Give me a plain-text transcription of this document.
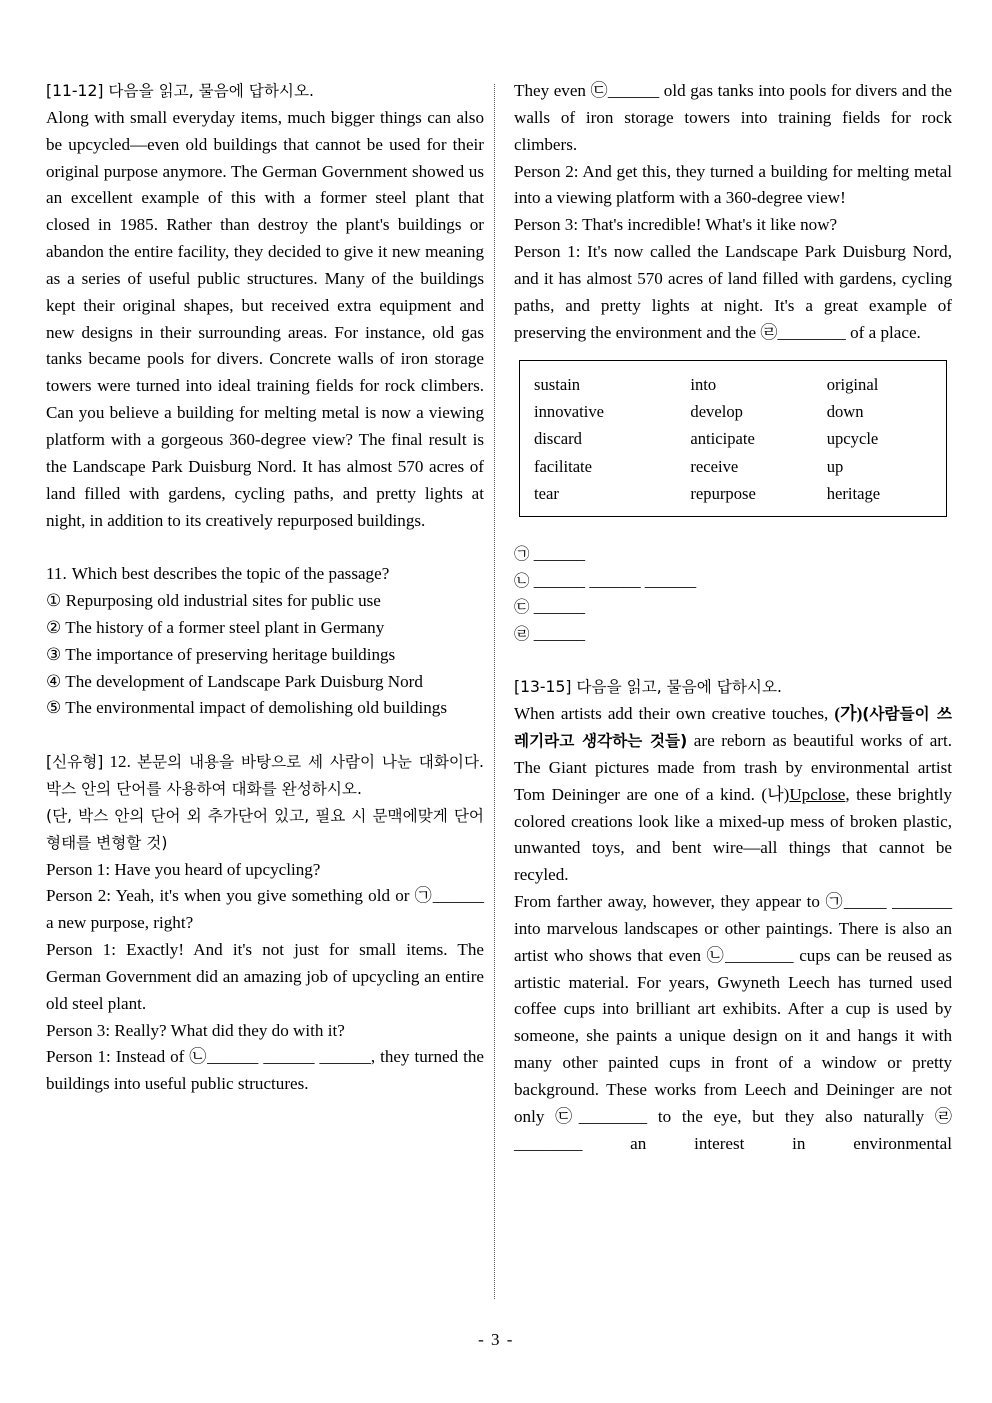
[11-12] 다음을 읽고, 물음에 답하시오.

Along with small everyday items, much bigger things can also be upcycled—even old buildings that cannot be used for their original purpose anymore. The German Government showed us an excellent example of this with a former steel plant that closed in 1985. Rather than destroy the plant's buildings or abandon the entire facility, they decided to give it new meaning as a series of useful public structures. Many of the buildings kept their original shapes, but received extra equipment and new designs in their surrounding areas. For instance, old gas tanks became pools for divers. Concrete walls of iron storage towers were turned into ideal training fields for rock climbers. Can you believe a building for melting metal is now a viewing platform with a gorgeous 360-degree view? The final result is the Landscape Park Duisburg Nord. It has almost 570 acres of land filled with gardens, cycling paths, and pretty lights at night, in addition to its creatively repurposed buildings.

11. Which best describes the topic of the passage?

① Repurposing old industrial sites for public use

② The history of a former steel plant in Germany

③ The importance of preserving heritage buildings

④ The development of Landscape Park Duisburg Nord

⑤ The environmental impact of demolishing old buildings

[신유형] 12. 본문의 내용을 바탕으로 세 사람이 나눈 대화이다. 박스 안의 단어를 사용하여 대화를 완성하시오.

(단, 박스 안의 단어 외 추가단어 있고, 필요 시 문맥에맞게 단어형태를 변형할 것)

Person 1: Have you heard of upcycling?

Person 2: Yeah, it's when you give something old or ㉠______ a new purpose, right?

Person 1: Exactly! And it's not just for small items. The German Government did an amazing job of upcycling an entire old steel plant.

Person 3: Really? What did they do with it?

Person 1: Instead of ㉡______ ______ ______, they turned the buildings into useful public structures.

They even ㉢______ old gas tanks into pools for divers and the walls of iron storage towers into training fields for rock climbers.

Person 2: And get this, they turned a building for melting metal into a viewing platform with a 360-degree view!

Person 3: That's incredible! What's it like now?

Person 1: It's now called the Landscape Park Duisburg Nord, and it has almost 570 acres of land filled with gardens, cycling paths, and pretty lights at night. It's a great example of preserving the environment and the ㉣________ of a place.

sustain	into	original
innovative	develop	down
discard	anticipate	upcycle
facilitate	receive	up
tear	repurpose	heritage
㉠ ______
㉡ ______ ______ ______
㉢ ______
㉣ ______
[13-15] 다음을 읽고, 물음에 답하시오.

When artists add their own creative touches, (가)(사람들이 쓰레기라고 생각하는 것들) are reborn as beautiful works of art. The Giant pictures made from trash by environmental artist Tom Deininger are one of a kind. (나)Upclose, these brightly colored creations look like a mixed-up mess of broken plastic, unwanted toys, and bent wire—all things that cannot be recyled.

From farther away, however, they appear to ㉠_____ _______ into marvelous landscapes or other paintings. There is also an artist who shows that even ㉡________ cups can be reused as artistic material. For years, Gwyneth Leech has turned used coffee cups into brilliant art exhibits. After a cup is used by someone, she paints a unique design on it and hangs it with many other painted cups in front of a window or pretty background. These works from Leech and Deininger are not only ㉢________ to the eye, but they also naturally ㉣________ an interest in environmental

- 3 -
